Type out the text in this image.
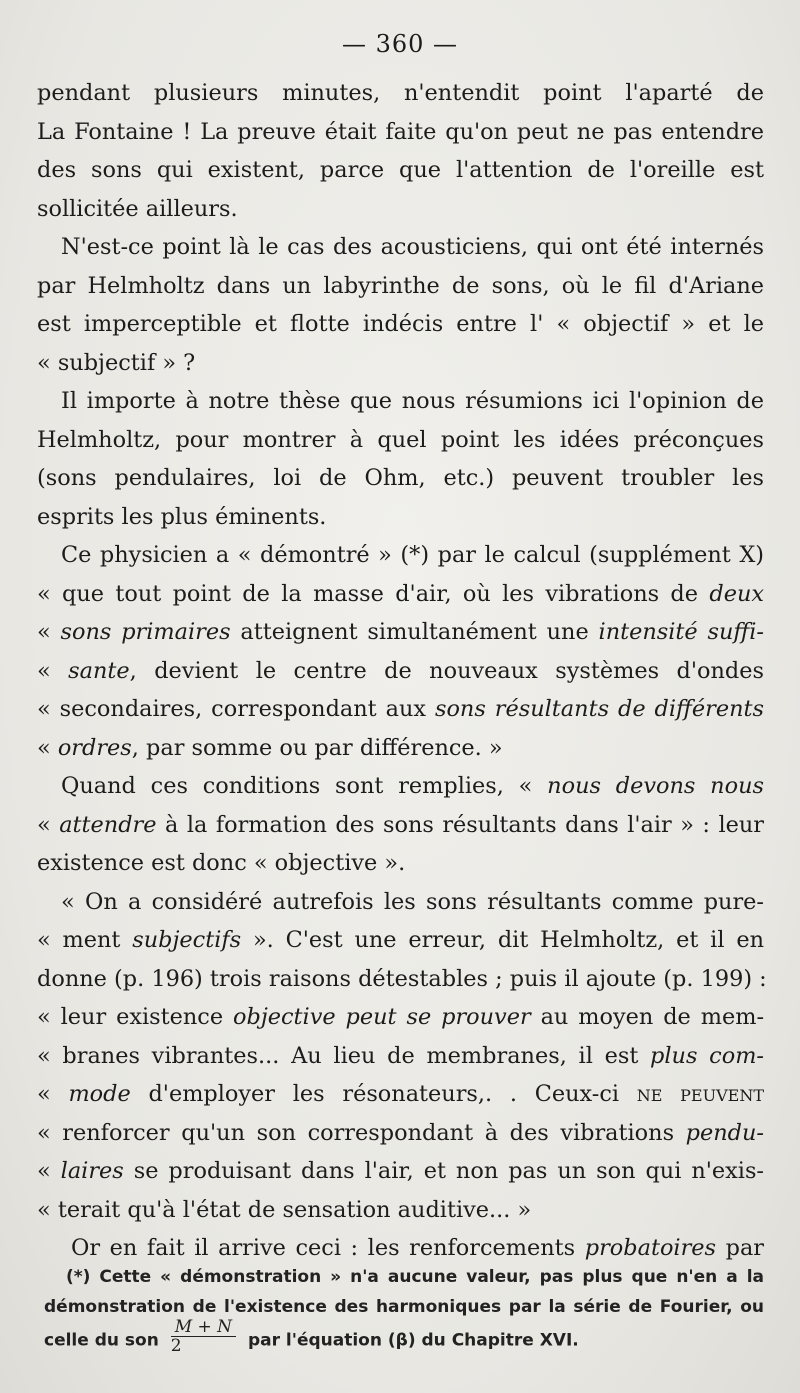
— 360 —
pendant plusieurs minutes, n'entendit point l'aparté de
La Fontaine ! La preuve était faite qu'on peut ne pas entendre
des sons qui existent, parce que l'attention de l'oreille est
sollicitée ailleurs.
N'est-ce point là le cas des acousticiens, qui ont été internés
par Helmholtz dans un labyrinthe de sons, où le fil d'Ariane
est imperceptible et flotte indécis entre l' « objectif » et le
« subjectif » ?
Il importe à notre thèse que nous résumions ici l'opinion de
Helmholtz, pour montrer à quel point les idées préconçues
(sons pendulaires, loi de Ohm, etc.) peuvent troubler les
esprits les plus éminents.
Ce physicien a « démontré » (*) par le calcul (supplément X)
« que tout point de la masse d'air, où les vibrations de deux
« sons primaires atteignent simultanément une intensité suffi-
« sante, devient le centre de nouveaux systèmes d'ondes
« secondaires, correspondant aux sons résultants de différents
« ordres, par somme ou par différence. »
Quand ces conditions sont remplies, « nous devons nous
« attendre à la formation des sons résultants dans l'air » : leur
existence est donc « objective ».
« On a considéré autrefois les sons résultants comme pure-
« ment subjectifs ». C'est une erreur, dit Helmholtz, et il en
donne (p. 196) trois raisons détestables ; puis il ajoute (p. 199) :
« leur existence objective peut se prouver au moyen de mem-
« branes vibrantes... Au lieu de membranes, il est plus com-
« mode d'employer les résonateurs,. . Ceux-ci ne peuvent
« renforcer qu'un son correspondant à des vibrations pendu-
« laires se produisant dans l'air, et non pas un son qui n'exis-
« terait qu'à l'état de sensation auditive... »
Or en fait il arrive ceci : les renforcements probatoires par
(*) Cette « démonstration » n'a aucune valeur, pas plus que n'en a la
démonstration de l'existence des harmoniques par la série de Fourier, ou
celle du son $\frac{M + N}{2}$ par l'équation (β) du Chapitre XVI.
